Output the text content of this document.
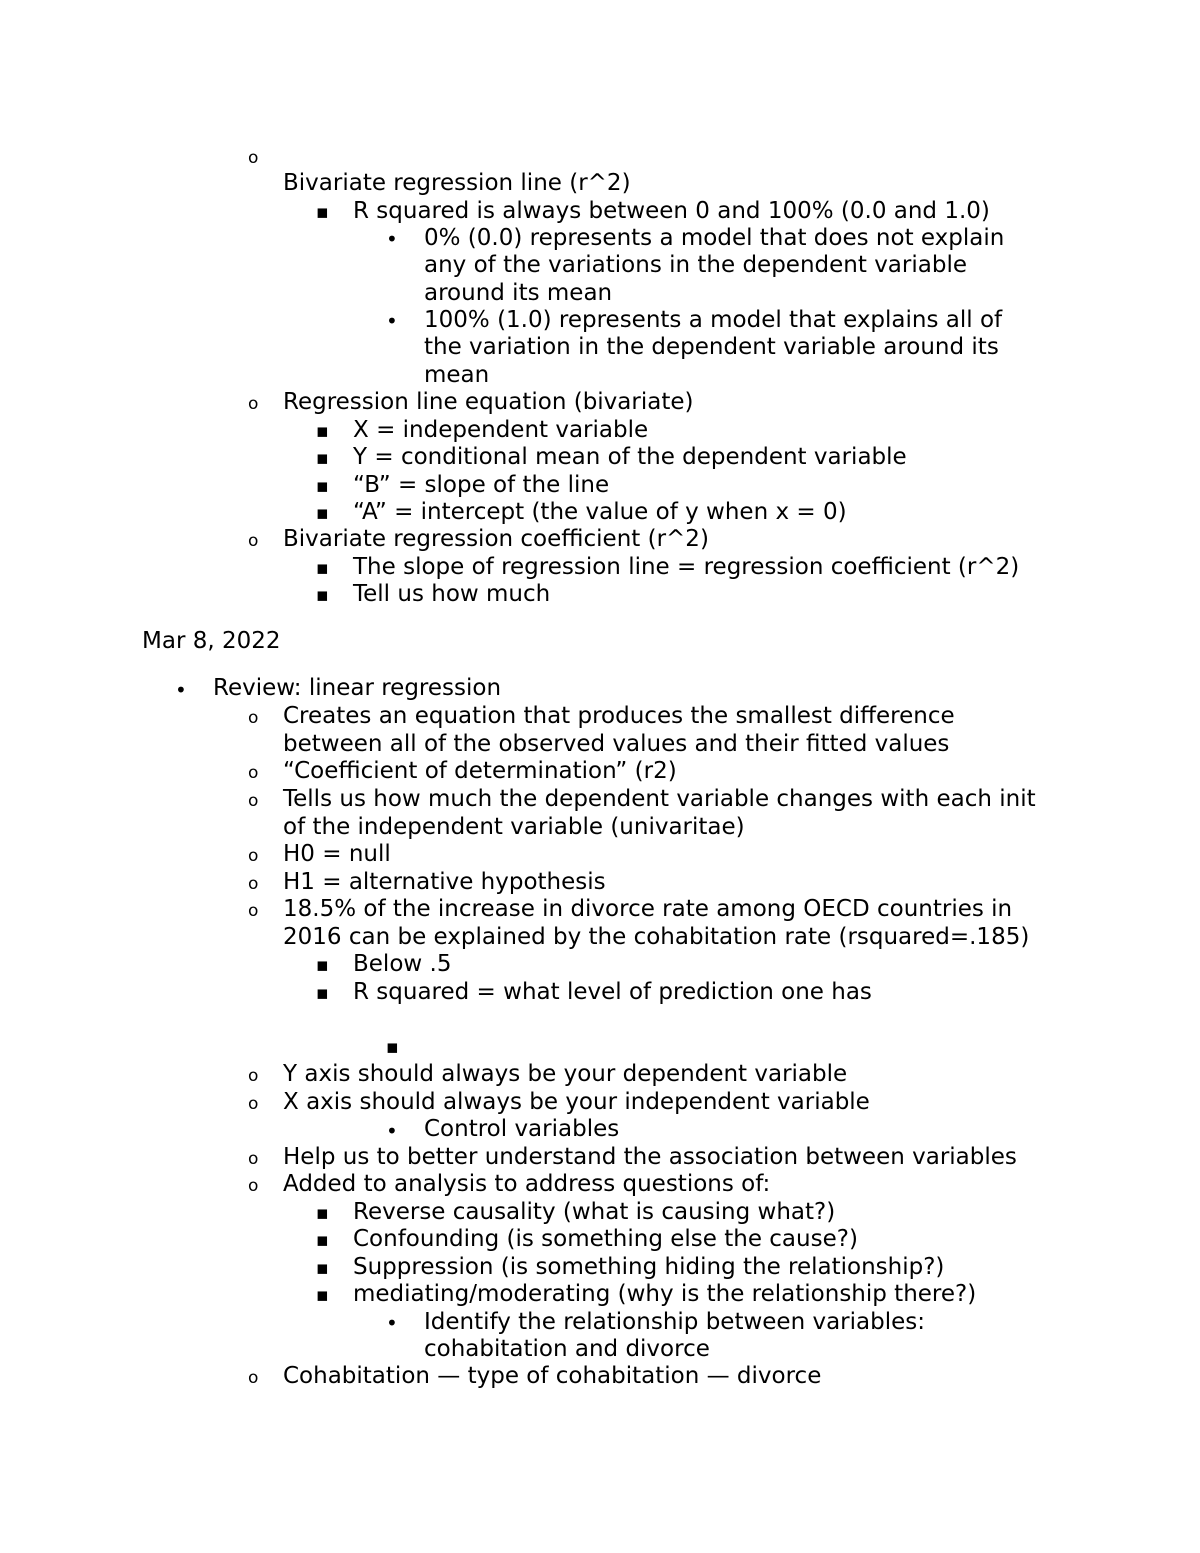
o
Bivariate regression line (r^2)
▪ R squared is always between 0 and 100% (0.0 and 1.0)
• 0% (0.0) represents a model that does not explain
any of the variations in the dependent variable
around its mean
• 100% (1.0) represents a model that explains all of
the variation in the dependent variable around its
mean
o Regression line equation (bivariate)
▪ X = independent variable
▪ Y = conditional mean of the dependent variable
▪ “B” = slope of the line
▪ “A” = intercept (the value of y when x = 0)
o Bivariate regression coefficient (r^2)
▪ The slope of regression line = regression coefficient (r^2)
▪ Tell us how much
Mar 8, 2022
• Review: linear regression
o Creates an equation that produces the smallest difference
between all of the observed values and their fitted values
o “Coefficient of determination” (r2)
o Tells us how much the dependent variable changes with each init
of the independent variable (univaritae)
o H0 = null
o H1 = alternative hypothesis
o 18.5% of the increase in divorce rate among OECD countries in
2016 can be explained by the cohabitation rate (rsquared=.185)
▪ Below .5
▪ R squared = what level of prediction one has
▪
o Y axis should always be your dependent variable
o X axis should always be your independent variable
• Control variables
o Help us to better understand the association between variables
o Added to analysis to address questions of:
▪ Reverse causality (what is causing what?)
▪ Confounding (is something else the cause?)
▪ Suppression (is something hiding the relationship?)
▪ mediating/moderating (why is the relationship there?)
• Identify the relationship between variables:
cohabitation and divorce
o Cohabitation — type of cohabitation — divorce
